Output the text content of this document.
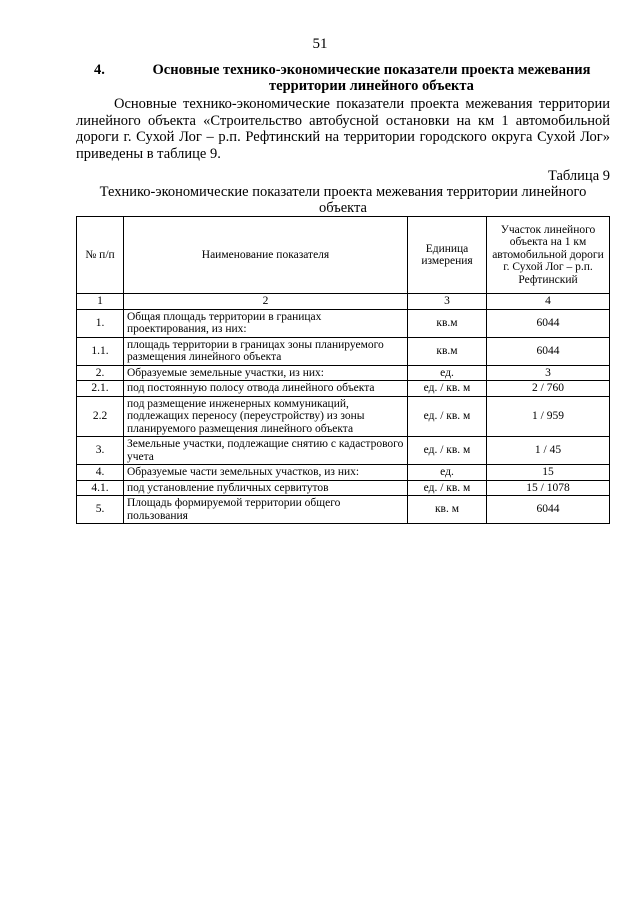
51
4.	Основные технико-экономические показатели проекта межевания территории линейного объекта

Основные технико-экономические показатели проекта межевания территории линейного объекта «Строительство автобусной остановки на км 1 автомобильной дороги г. Сухой Лог – р.п. Рефтинский на территории городского округа Сухой Лог» приведены в таблице 9.

Таблица 9
Технико-экономические показатели проекта межевания территории линейного объекта
№ п/п	Наименование показателя	Единица измерения	Участок линейного объекта на 1 км автомобильной дороги г. Сухой Лог – р.п. Рефтинский
1	2	3	4
1.	Общая площадь территории в границах проектирования, из них:	кв.м	6044
1.1.	площадь территории в границах зоны планируемого размещения линейного объекта	кв.м	6044
2.	Образуемые земельные участки, из них:	ед.	3
2.1.	под постоянную полосу отвода линейного объекта	ед. / кв. м	2 / 760
2.2	под размещение инженерных коммуникаций, подлежащих переносу (переустройству) из зоны планируемого размещения линейного объекта	ед. / кв. м	1 / 959
3.	Земельные участки, подлежащие снятию с кадастрового учета	ед. / кв. м	1 / 45
4.	Образуемые части земельных участков, из них:	ед.	15
4.1.	под установление публичных сервитутов	ед. / кв. м	15 / 1078
5.	Площадь формируемой территории общего пользования	кв. м	6044
